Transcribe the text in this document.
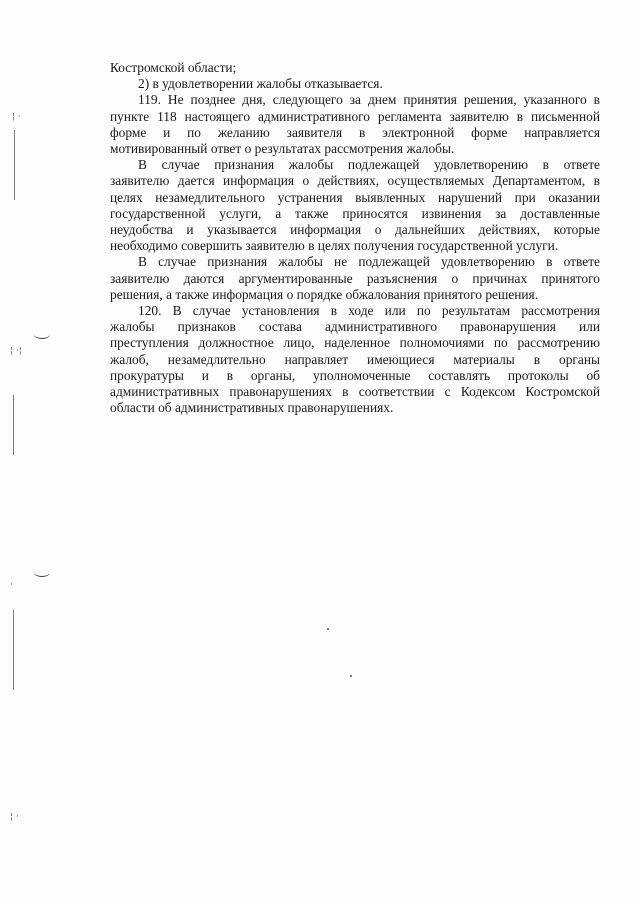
¦ ·
¦ ·¦
·
¦ ·

Костромской области;

2) в удовлетворении жалобы отказывается.

119. Не позднее дня, следующего за днем принятия решения, указанного в
пункте 118 настоящего административного регламента заявителю в письменной
форме и по желанию заявителя в электронной форме направляется
мотивированный ответ о результатах рассмотрения жалобы.

В случае признания жалобы подлежащей удовлетворению в ответе
заявителю дается информация о действиях, осуществляемых Департаментом, в
целях незамедлительного устранения выявленных нарушений при оказании
государственной услуги, а также приносятся извинения за доставленные
неудобства и указывается информация о дальнейших действиях, которые
необходимо совершить заявителю в целях получения государственной услуги.

В случае признания жалобы не подлежащей удовлетворению в ответе
заявителю даются аргументированные разъяснения о причинах принятого
решения, а также информация о порядке обжалования принятого решения.

120. В случае установления в ходе или по результатам рассмотрения
жалобы признаков состава административного правонарушения или
преступления должностное лицо, наделенное полномочиями по рассмотрению
жалоб, незамедлительно направляет имеющиеся материалы в органы
прокуратуры и в органы, уполномоченные составлять протоколы об
административных правонарушениях в соответствии с Кодексом Костромской
области об административных правонарушениях.
